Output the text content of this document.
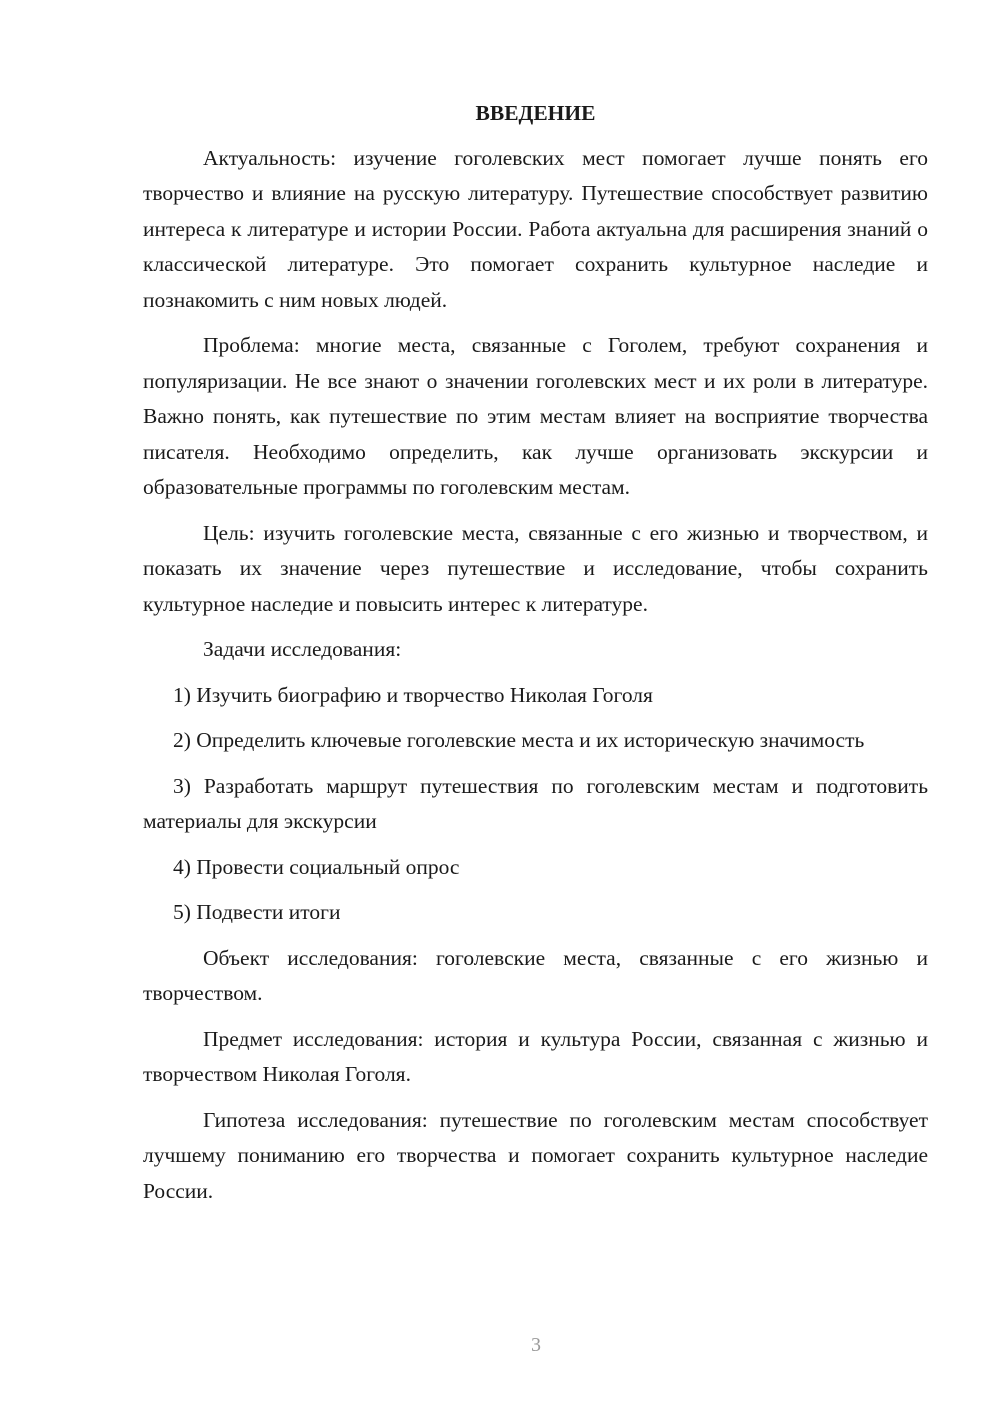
ВВЕДЕНИЕ

Актуальность: изучение гоголевских мест помогает лучше понять его творчество и влияние на русскую литературу. Путешествие способствует развитию интереса к литературе и истории России. Работа актуальна для расширения знаний о классической литературе. Это помогает сохранить культурное наследие и познакомить с ним новых людей.

Проблема: многие места, связанные с Гоголем, требуют сохранения и популяризации. Не все знают о значении гоголевских мест и их роли в литературе. Важно понять, как путешествие по этим местам влияет на восприятие творчества писателя. Необходимо определить, как лучше организовать экскурсии и образовательные программы по гоголевским местам.

Цель: изучить гоголевские места, связанные с его жизнью и творчеством, и показать их значение через путешествие и исследование, чтобы сохранить культурное наследие и повысить интерес к литературе.

Задачи исследования:

1) Изучить биографию и творчество Николая Гоголя

2) Определить ключевые гоголевские места и их историческую значимость

3) Разработать маршрут путешествия по гоголевским местам и подготовить материалы для экскурсии

4) Провести социальный опрос

5) Подвести итоги

Объект исследования: гоголевские места, связанные с его жизнью и творчеством.

Предмет исследования: история и культура России, связанная с жизнью и творчеством Николая Гоголя.

Гипотеза исследования: путешествие по гоголевским местам способствует лучшему пониманию его творчества и помогает сохранить культурное наследие России.

3
